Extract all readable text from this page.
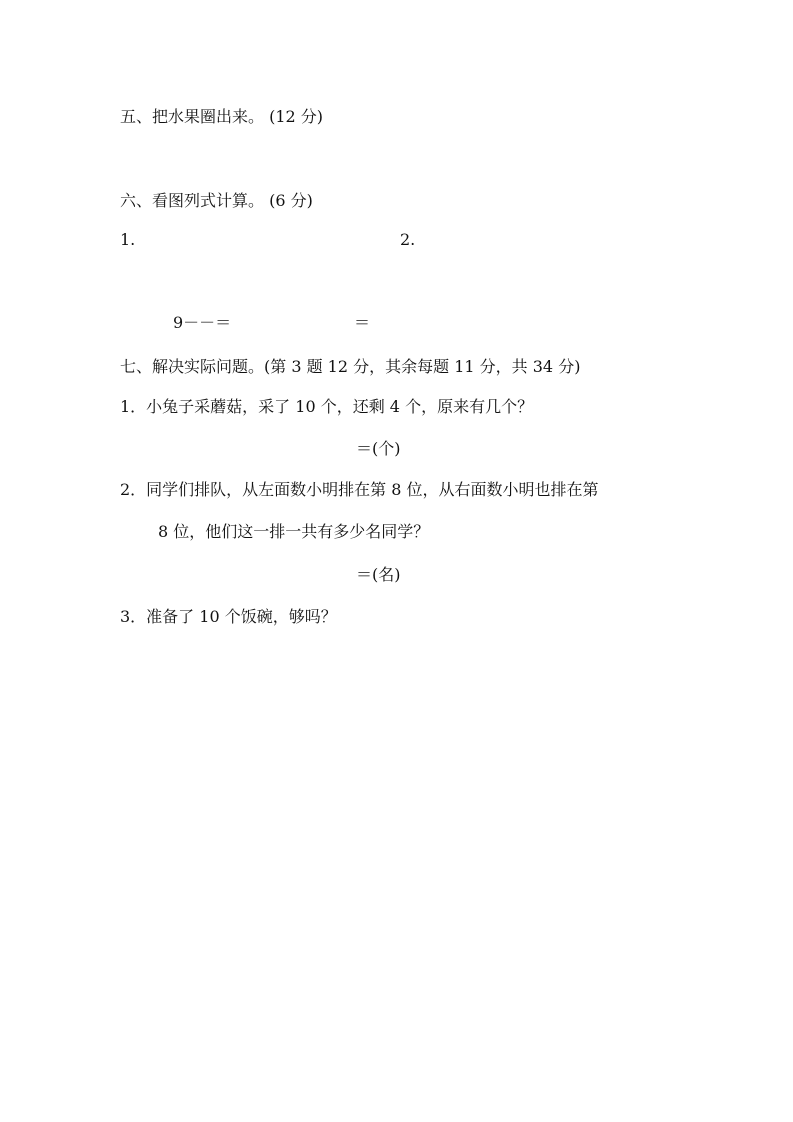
五、把水果圈出来。 (12 分)
六、看图列式计算。 (6 分)
1.	2.
9－－＝	＝
七、解决实际问题。(第 3 题 12 分，其余每题 11 分，共 34 分)
1．小兔子采蘑菇，采了 10 个，还剩 4 个，原来有几个？
＝(个)
2．同学们排队，从左面数小明排在第 8 位，从右面数小明也排在第
8 位，他们这一排一共有多少名同学？
＝(名)
3．准备了 10 个饭碗，够吗？
